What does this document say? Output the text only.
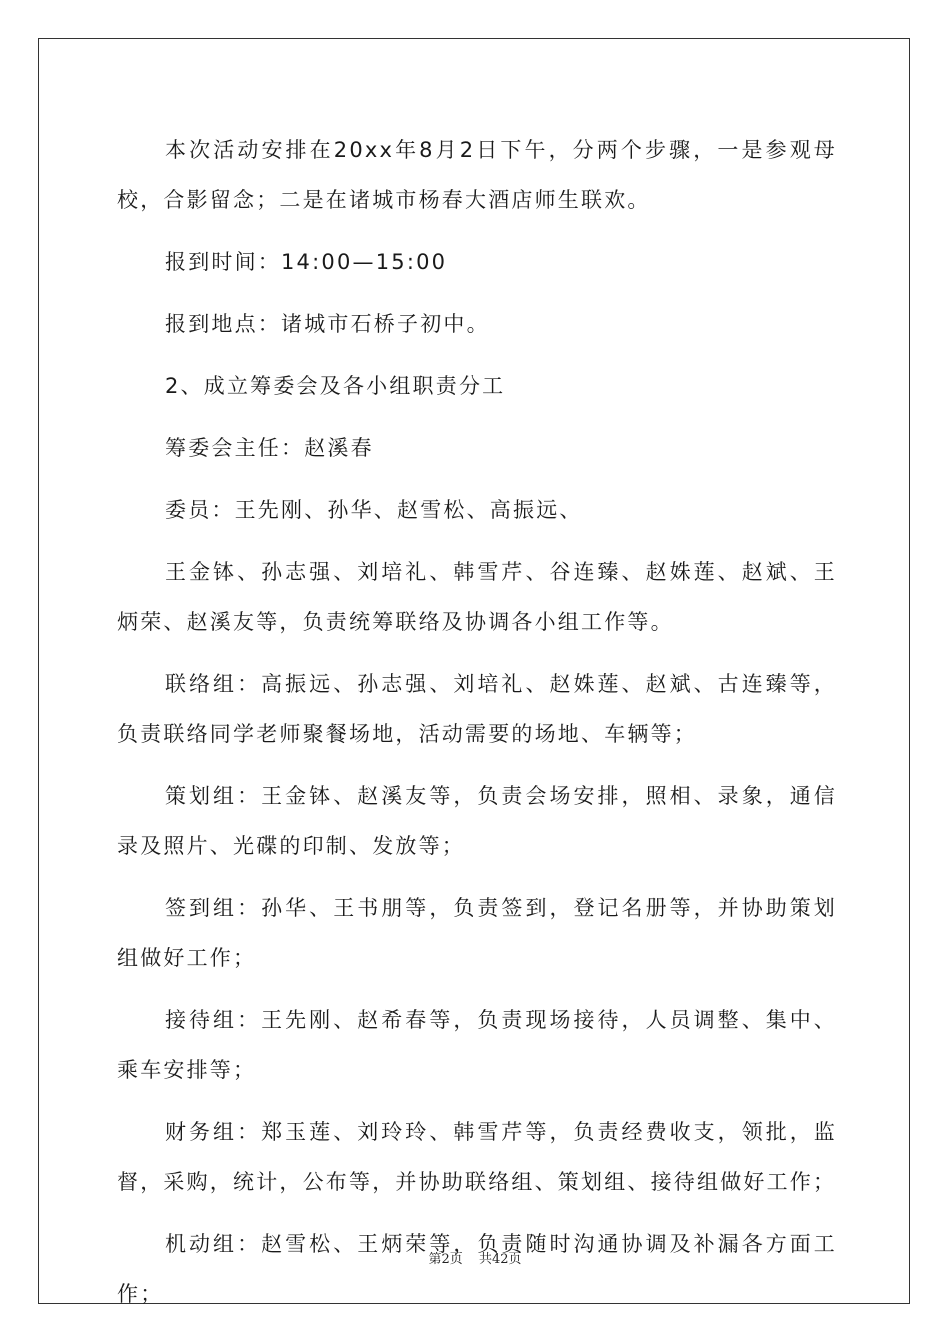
本次活动安排在20xx年8月2日下午，分两个步骤，一是参观母校，合影留念；二是在诸城市杨春大酒店师生联欢。

报到时间：14:00—15:00

报到地点：诸城市石桥子初中。

2、成立筹委会及各小组职责分工

筹委会主任：赵溪春

委员：王先刚、孙华、赵雪松、高振远、

王金钵、孙志强、刘培礼、韩雪芹、谷连臻、赵姝莲、赵斌、王炳荣、赵溪友等，负责统筹联络及协调各小组工作等。

联络组：高振远、孙志强、刘培礼、赵姝莲、赵斌、古连臻等，负责联络同学老师聚餐场地，活动需要的场地、车辆等；

策划组：王金钵、赵溪友等，负责会场安排，照相、录象，通信录及照片、光碟的印制、发放等；

签到组：孙华、王书朋等，负责签到，登记名册等，并协助策划组做好工作；

接待组：王先刚、赵希春等，负责现场接待，人员调整、集中、乘车安排等；

财务组：郑玉莲、刘玲玲、韩雪芹等，负责经费收支，领批，监督，采购，统计，公布等，并协助联络组、策划组、接待组做好工作；

机动组：赵雪松、王炳荣等，负责随时沟通协调及补漏各方面工作；

第2页 共42页
